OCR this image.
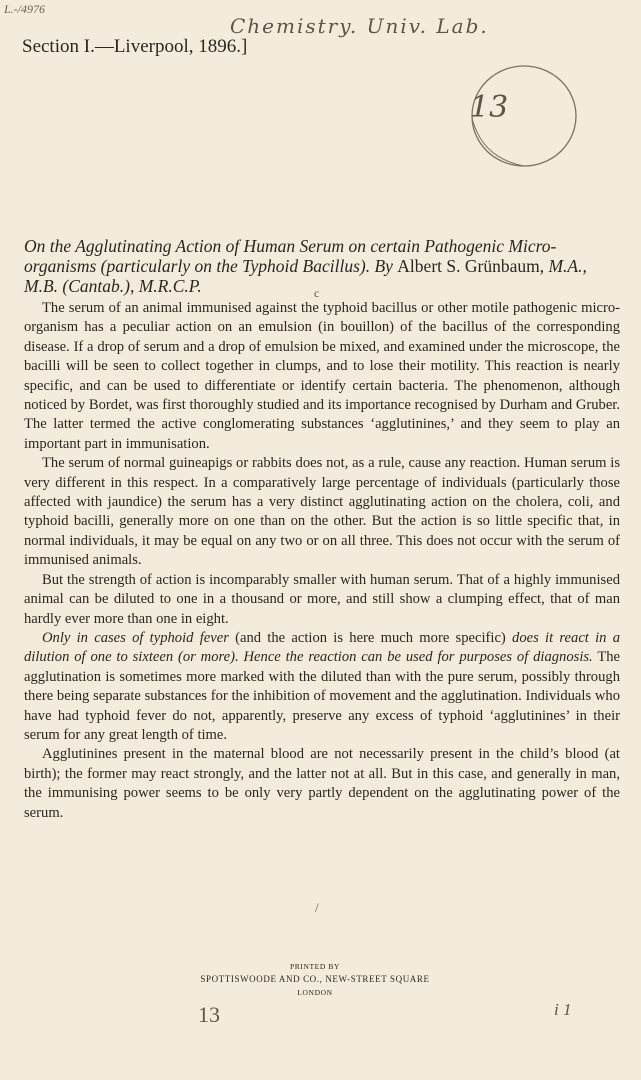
L.-/4976
Chemistry. Univ. Lab.
Section I.—Liverpool, 1896.]
13
On the Agglutinating Action of Human Serum on certain Pathogenic Micro-organisms (particularly on the Typhoid Bacillus). By Albert S. Grünbaum, M.A., M.B. (Cantab.), M.R.C.P.	c

The serum of an animal immunised against the typhoid bacillus or other motile pathogenic micro-organism has a peculiar action on an emulsion (in bouillon) of the bacillus of the corresponding disease. If a drop of serum and a drop of emulsion be mixed, and examined under the microscope, the bacilli will be seen to collect together in clumps, and to lose their motility. This reaction is nearly specific, and can be used to differentiate or identify certain bacteria. The phenomenon, although noticed by Bordet, was first thoroughly studied and its importance recognised by Durham and Gruber. The latter termed the active conglomerating substances ‘agglutinines,’ and they seem to play an important part in immunisation.

The serum of normal guineapigs or rabbits does not, as a rule, cause any reaction. Human serum is very different in this respect. In a comparatively large percentage of individuals (particularly those affected with jaundice) the serum has a very distinct agglutinating action on the cholera, coli, and typhoid bacilli, generally more on one than on the other. But the action is so little specific that, in normal individuals, it may be equal on any two or on all three. This does not occur with the serum of immunised animals.

But the strength of action is incomparably smaller with human serum. That of a highly immunised animal can be diluted to one in a thousand or more, and still show a clumping effect, that of man hardly ever more than one in eight.

Only in cases of typhoid fever (and the action is here much more specific) does it react in a dilution of one to sixteen (or more). Hence the reaction can be used for purposes of diagnosis. The agglutination is sometimes more marked with the diluted than with the pure serum, possibly through there being separate substances for the inhibition of movement and the agglutination. Individuals who have had typhoid fever do not, apparently, preserve any excess of typhoid ‘agglutinines’ in their serum for any great length of time.

Agglutinines present in the maternal blood are not necessarily present in the child’s blood (at birth); the former may react strongly, and the latter not at all. But in this case, and generally in man, the immunising power seems to be only very partly dependent on the agglutinating power of the serum.

/
PRINTED BY
SPOTTISWOODE AND CO., NEW-STREET SQUARE
LONDON
13	i 1
